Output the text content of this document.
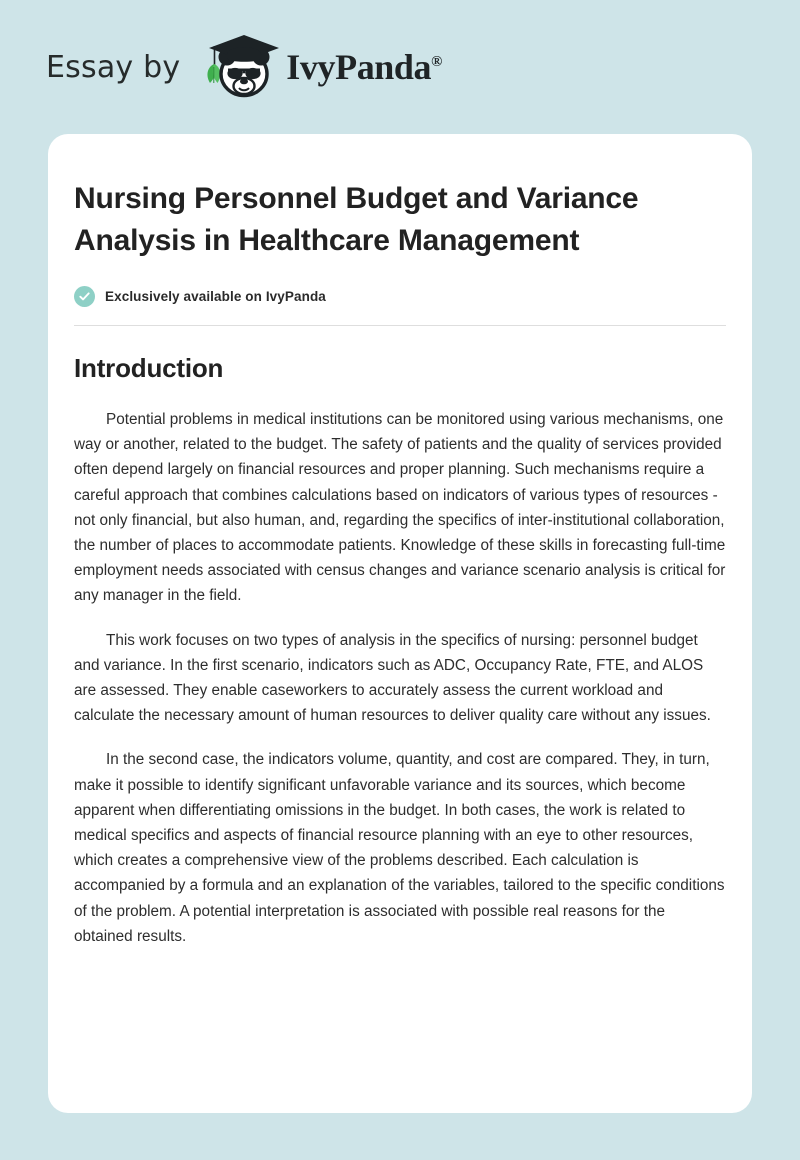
Essay by	IvyPanda®
Nursing Personnel Budget and Variance Analysis in Healthcare Management
Exclusively available on IvyPanda
Introduction

Potential problems in medical institutions can be monitored using various mechanisms, one way or another, related to the budget. The safety of patients and the quality of services provided often depend largely on financial resources and proper planning. Such mechanisms require a careful approach that combines calculations based on indicators of various types of resources - not only financial, but also human, and, regarding the specifics of inter-institutional collaboration, the number of places to accommodate patients. Knowledge of these skills in forecasting full-time employment needs associated with census changes and variance scenario analysis is critical for any manager in the field.

This work focuses on two types of analysis in the specifics of nursing: personnel budget and variance. In the first scenario, indicators such as ADC, Occupancy Rate, FTE, and ALOS are assessed. They enable caseworkers to accurately assess the current workload and calculate the necessary amount of human resources to deliver quality care without any issues.

In the second case, the indicators volume, quantity, and cost are compared. They, in turn, make it possible to identify significant unfavorable variance and its sources, which become apparent when differentiating omissions in the budget. In both cases, the work is related to medical specifics and aspects of financial resource planning with an eye to other resources, which creates a comprehensive view of the problems described. Each calculation is accompanied by a formula and an explanation of the variables, tailored to the specific conditions of the problem. A potential interpretation is associated with possible real reasons for the obtained results.
